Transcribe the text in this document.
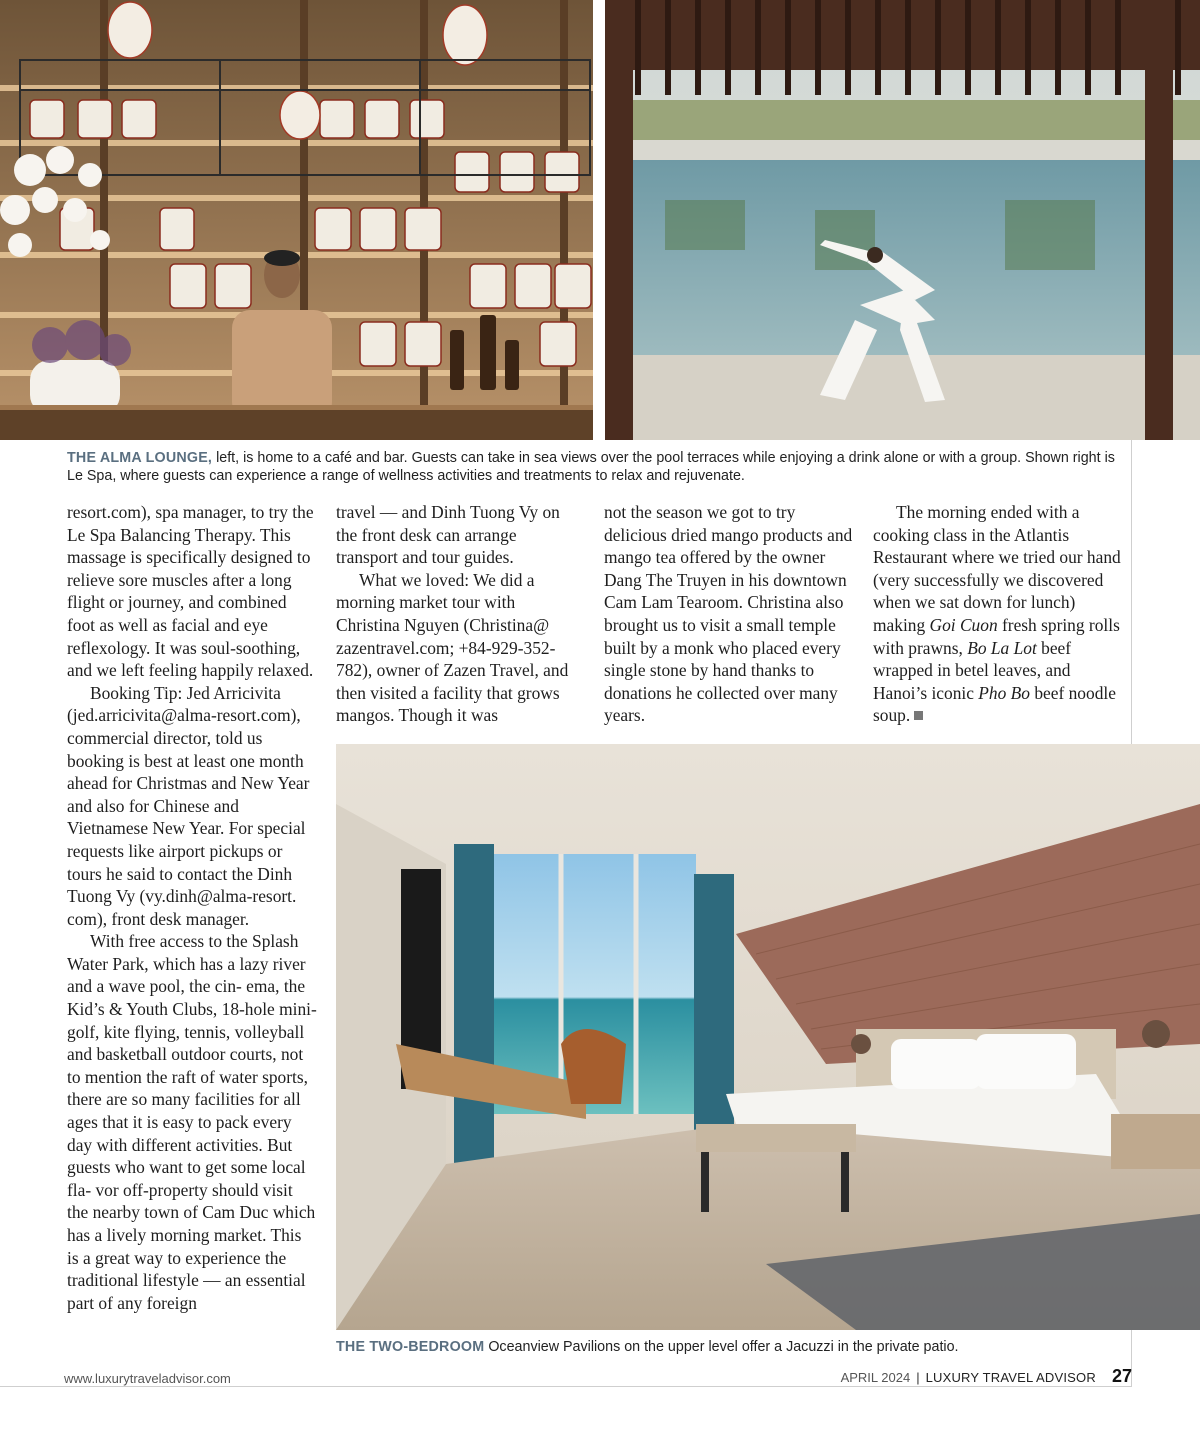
THE ALMA LOUNGE, left, is home to a café and bar. Guests can take in sea views over the pool terraces while enjoying a drink alone or with a group. Shown right is Le Spa, where guests can experience a range of wellness activities and treatments to relax and rejuvenate.

resort.com), spa manager, to try the Le Spa Balancing Therapy. This massage is specifically designed to relieve sore muscles after a long flight or journey, and combined foot as well as facial and eye reflexology. It was soul-soothing, and we left feeling happily relaxed.

Booking Tip: Jed Arricivita (jed.arricivita@alma-resort.com), commercial director, told us booking is best at least one month ahead for Christmas and New Year and also for Chinese and Vietnamese New Year. For special requests like airport pickups or tours he said to contact the Dinh Tuong Vy (vy.dinh@alma-resort. com), front desk manager.

With free access to the Splash Water Park, which has a lazy river and a wave pool, the cin- ema, the Kid’s & Youth Clubs, 18-hole mini-golf, kite flying, tennis, volleyball and basketball outdoor courts, not to mention the raft of water sports, there are so many facilities for all ages that it is easy to pack every day with different activities. But guests who want to get some local fla- vor off-property should visit the nearby town of Cam Duc which has a lively morning market. This is a great way to experience the traditional lifestyle — an essential part of any foreign

travel — and Dinh Tuong Vy on the front desk can arrange transport and tour guides.

What we loved: We did a morning market tour with Christina Nguyen (Christina@ zazentravel.com; +84-929-352- 782), owner of Zazen Travel, and then visited a facility that grows mangos. Though it was

not the season we got to try delicious dried mango products and mango tea offered by the owner Dang The Truyen in his downtown Cam Lam Tearoom. Christina also brought us to visit a small temple built by a monk who placed every single stone by hand thanks to donations he collected over many years.

The morning ended with a cooking class in the Atlantis Restaurant where we tried our hand (very successfully we discovered when we sat down for lunch) making Goi Cuon fresh spring rolls with prawns, Bo La Lot beef wrapped in betel leaves, and Hanoi’s iconic Pho Bo beef noodle soup.

THE TWO-BEDROOM Oceanview Pavilions on the upper level offer a Jacuzzi in the private patio.
www.luxurytraveladvisor.com	APRIL 2024 | LUXURY TRAVEL ADVISOR 27
